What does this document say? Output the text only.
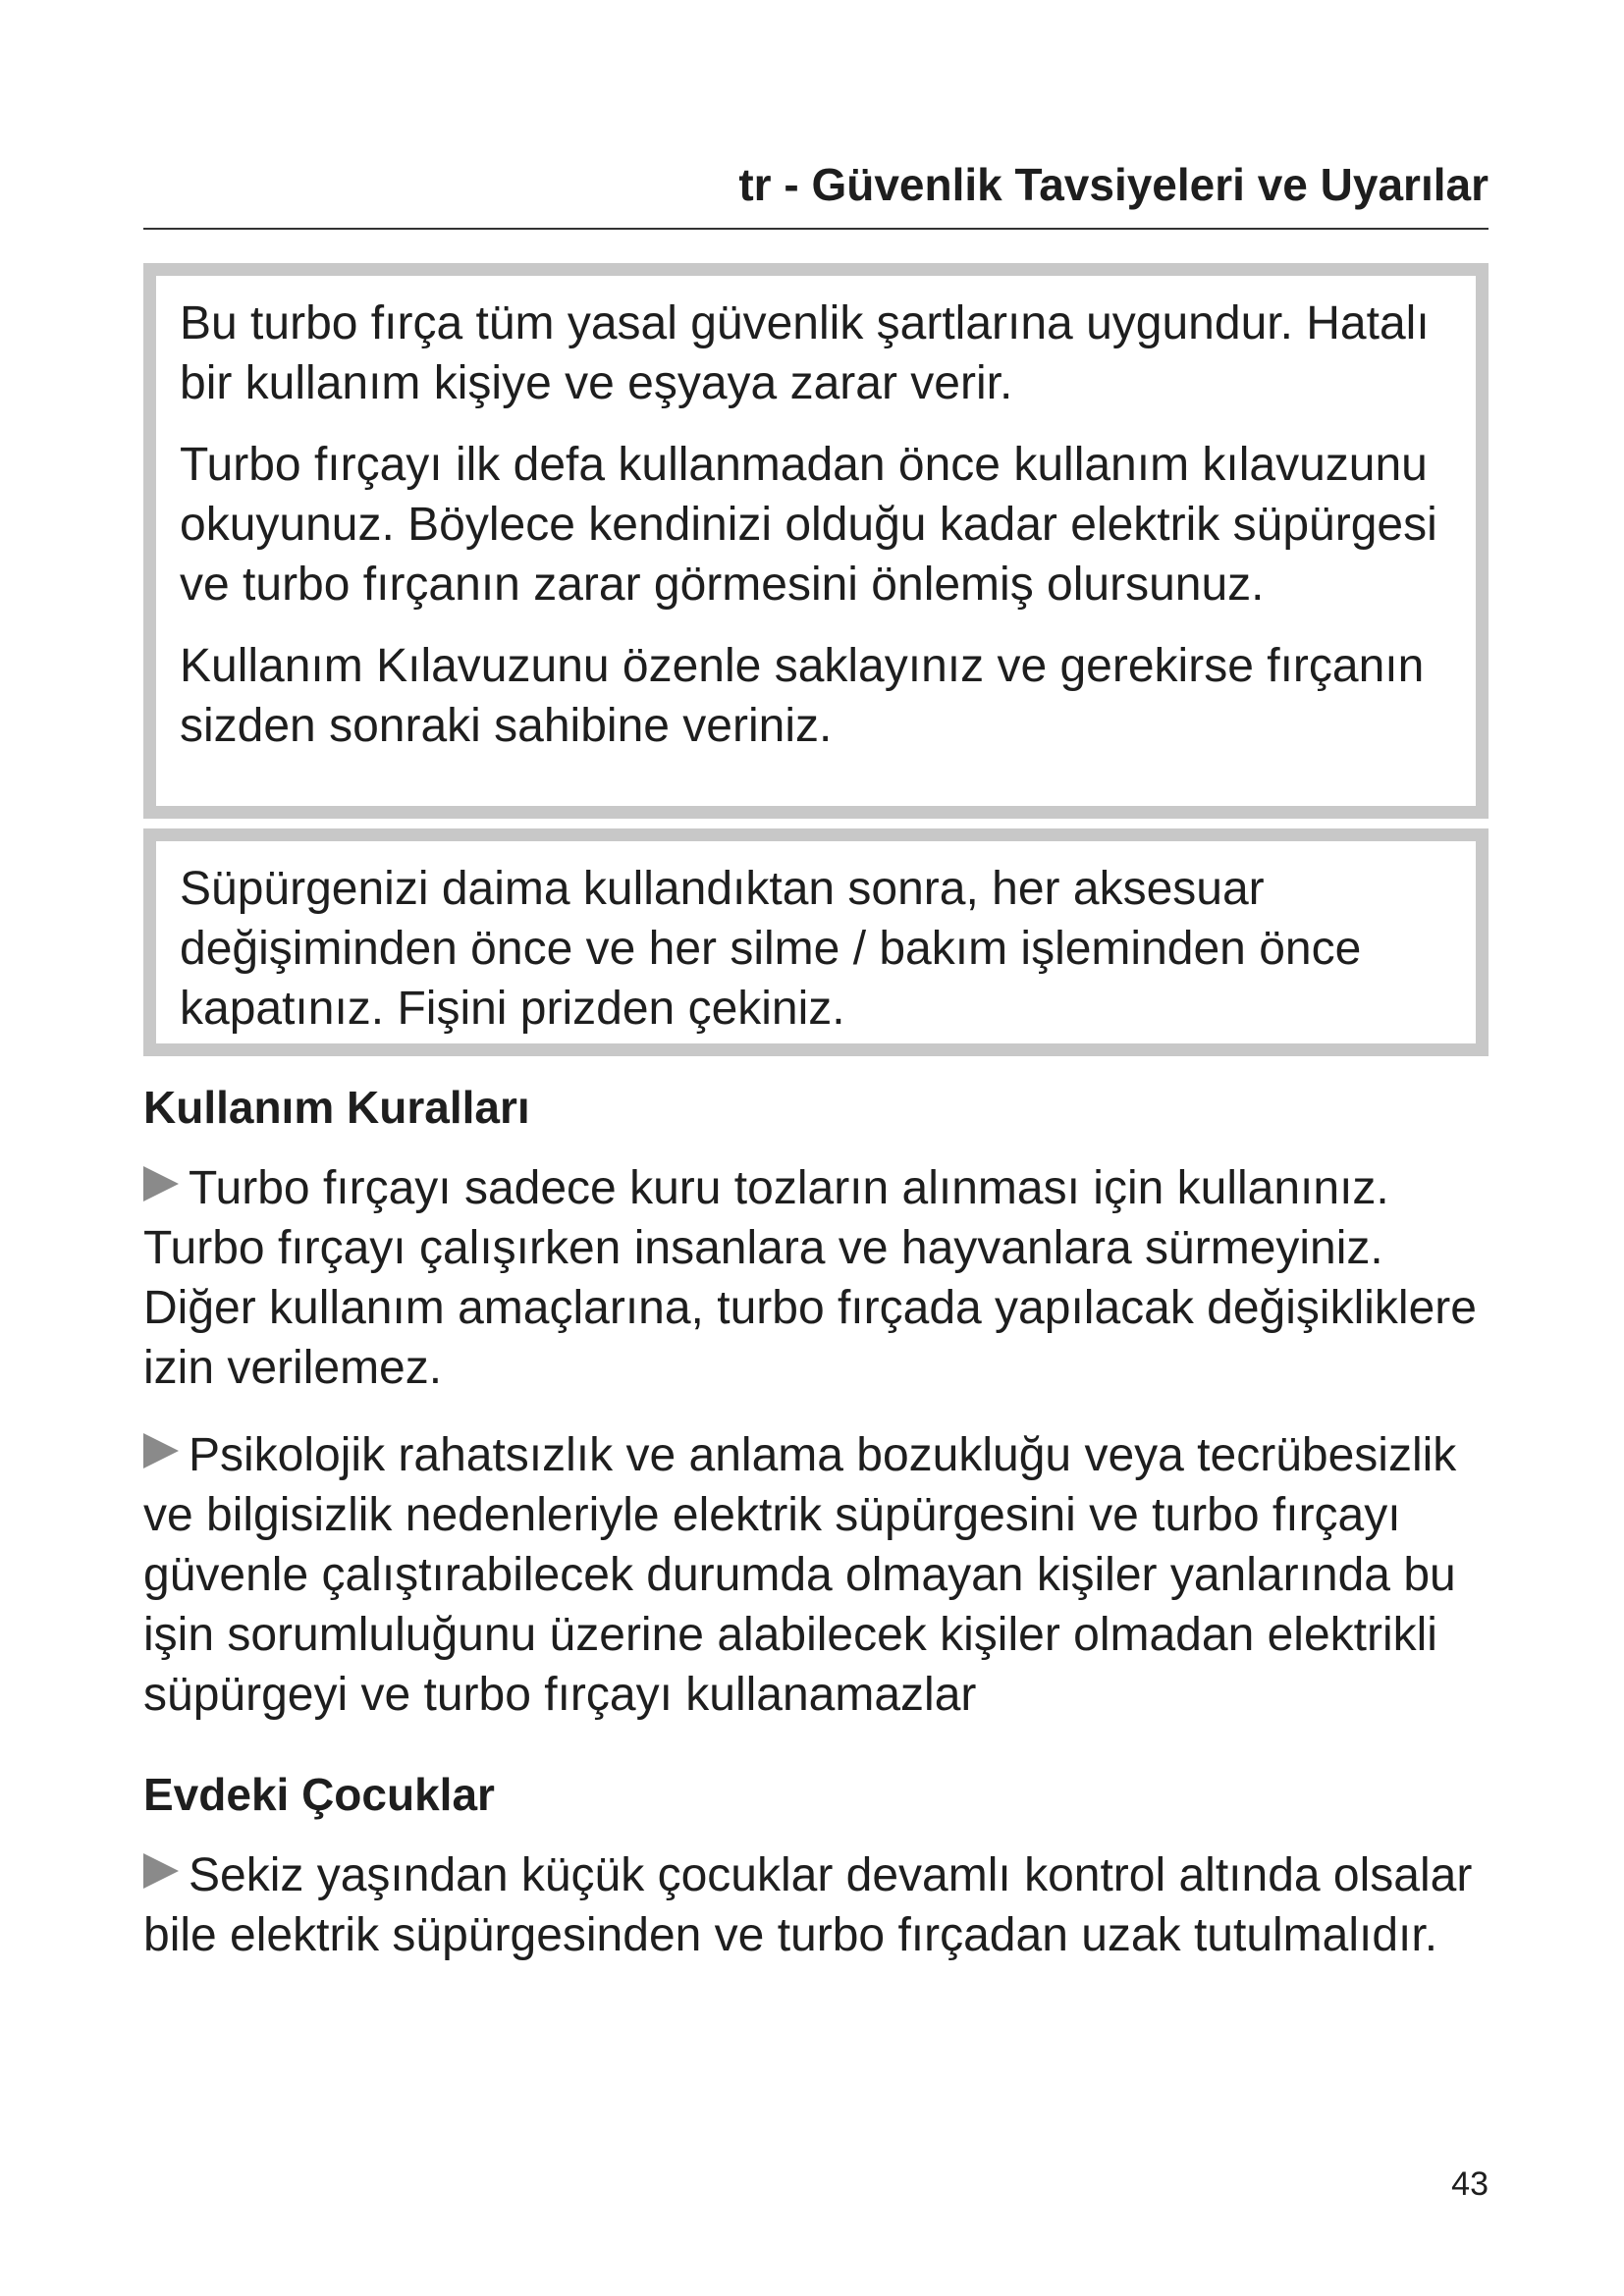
tr - Güvenlik Tavsiyeleri ve Uyarılar

Bu turbo fırça tüm yasal güvenlik şartlarına uygundur. Hatalı bir kullanım kişiye ve eşyaya zarar verir.

Turbo fırçayı ilk defa kullanmadan önce kullanım kılavuzunu okuyunuz. Böylece kendinizi olduğu kadar elektrik süpürgesi ve turbo fırçanın zarar görmesini önlemiş olursunuz.

Kullanım Kılavuzunu özenle saklayınız ve gerekirse fırçanın sizden sonraki sahibine veriniz.

Süpürgenizi daima kullandıktan sonra, her aksesuar değişiminden önce ve her silme / bakım işleminden önce kapatınız. Fişini prizden çekiniz.

Kullanım Kuralları

Turbo fırçayı sadece kuru tozların alınması için kullanınız. Turbo fırçayı çalışırken insanlara ve hayvanlara sürmeyiniz. Diğer kullanım amaçlarına, turbo fırçada yapılacak değişikliklere izin verilemez.

Psikolojik rahatsızlık ve anlama bozukluğu veya tecrübesizlik ve bilgisizlik nedenleriyle elektrik süpürgesini ve turbo fırçayı güvenle çalıştırabilecek durumda olmayan kişiler yanlarında bu işin sorumluluğunu üzerine alabilecek kişiler olmadan elektrikli süpürgeyi ve turbo fırçayı kullanamazlar

Evdeki Çocuklar

Sekiz yaşından küçük çocuklar devamlı kontrol altında olsalar bile elektrik süpürgesinden ve turbo fırçadan uzak tutulmalıdır.

43
